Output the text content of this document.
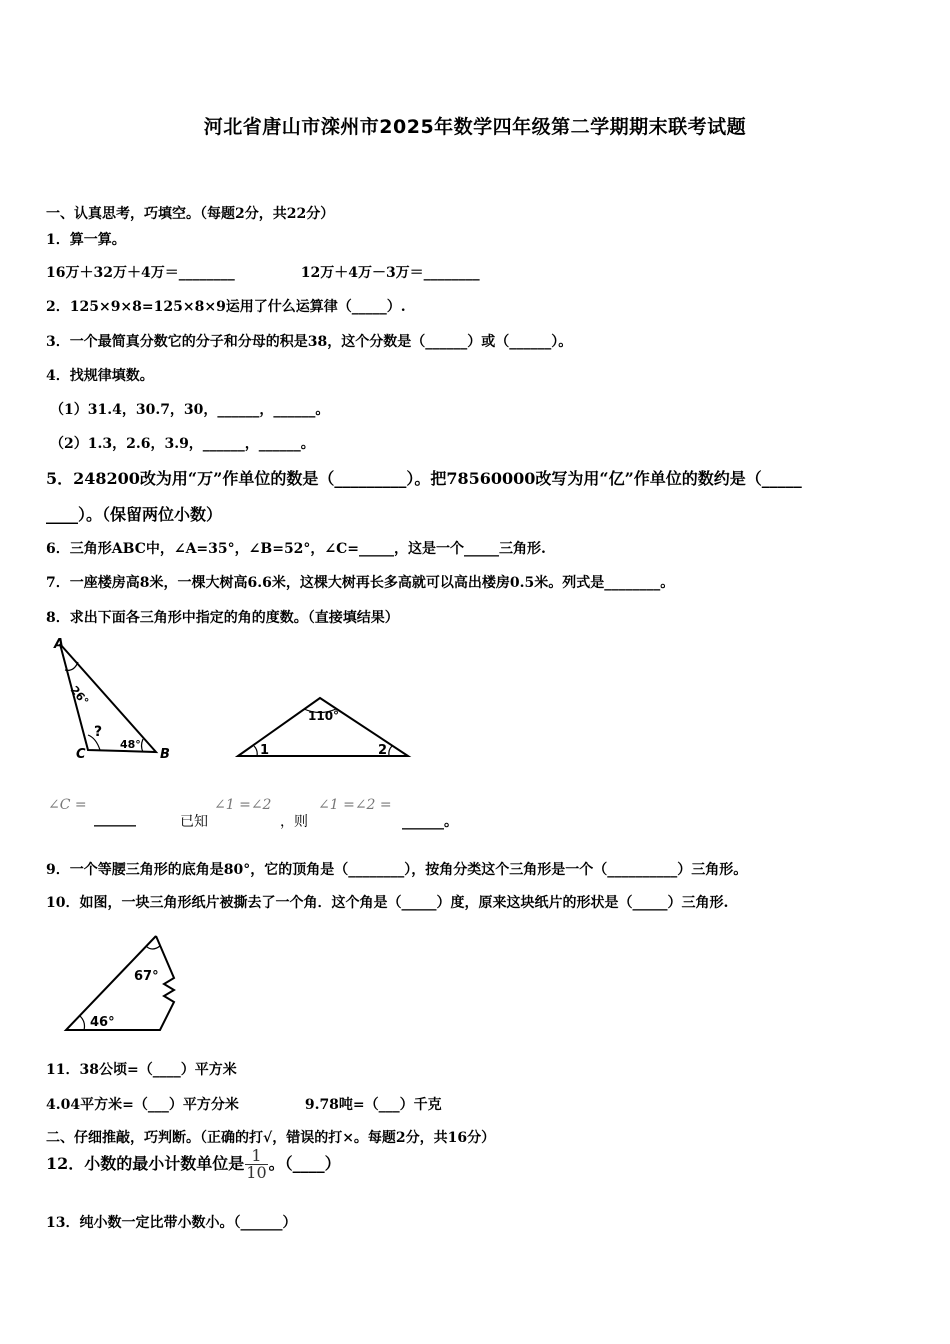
河北省唐山市滦州市2025年数学四年级第二学期期末联考试题
一、认真思考，巧填空。（每题2分，共22分）
1．算一算。
16万＋32万＋4万＝________	12万＋4万－3万＝________
2．125×9×8=125×8×9运用了什么运算律（_____）.
3．一个最简真分数它的分子和分母的积是38，这个分数是（______）或（______）。
4．找规律填数。
（1）31.4，30.7，30，______，______。
（2）1.3，2.6，3.9，______，______。
5．248200改为用“万”作单位的数是（_________）。把78560000改写为用“亿”作单位的数约是（_____
____）。（保留两位小数）
6．三角形ABC中，∠A=35°，∠B=52°，∠C=_____，这是一个_____三角形.
7．一座楼房高8米，一棵大树高6.6米，这棵大树再长多高就可以高出楼房0.5米。列式是________。
8．求出下面各三角形中指定的角的度数。（直接填结果）
A
B
C
26°
48°
?
110°
1	2
∠C =
______	已知
∠1 =∠2
，则
∠1 =∠2 =
______。
9．一个等腰三角形的底角是80°，它的顶角是（________），按角分类这个三角形是一个（__________）三角形。
10．如图，一块三角形纸片被撕去了一个角．这个角是（_____）度，原来这块纸片的形状是（_____）三角形.
67°
46°
11．38公顷=（____）平方米
4.04平方米=（___）平方分米	9.78吨=（___）千克
二、仔细推敲，巧判断。（正确的打√，错误的打×。每题2分，共16分）
12．小数的最小计数单位是 $\frac{1}{10}$ 。（____）
13．纯小数一定比带小数小。（______）
